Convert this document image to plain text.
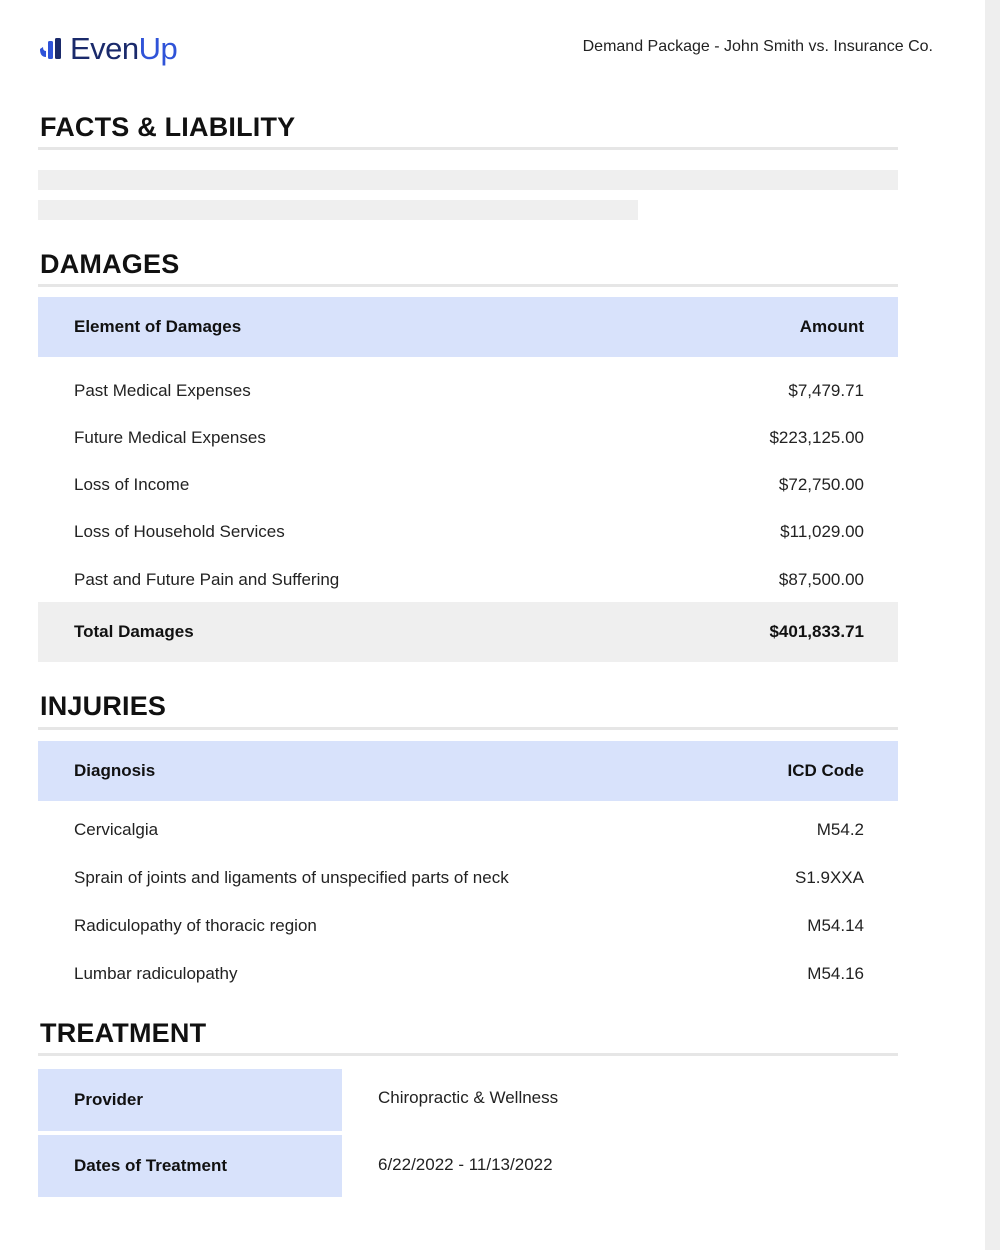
EvenUp	Demand Package - John Smith vs. Insurance Co.
FACTS & LIABILITY
DAMAGES
Element of Damages	Amount
Past Medical Expenses	$7,479.71
Future Medical Expenses	$223,125.00
Loss of Income	$72,750.00
Loss of Household Services	$11,029.00
Past and Future Pain and Suffering	$87,500.00
Total Damages	$401,833.71
INJURIES
Diagnosis	ICD Code
Cervicalgia	M54.2
Sprain of joints and ligaments of unspecified parts of neck	S1.9XXA
Radiculopathy of thoracic region	M54.14
Lumbar radiculopathy	M54.16
TREATMENT
Provider	Chiropractic & Wellness
Dates of Treatment	6/22/2022 - 11/13/2022
